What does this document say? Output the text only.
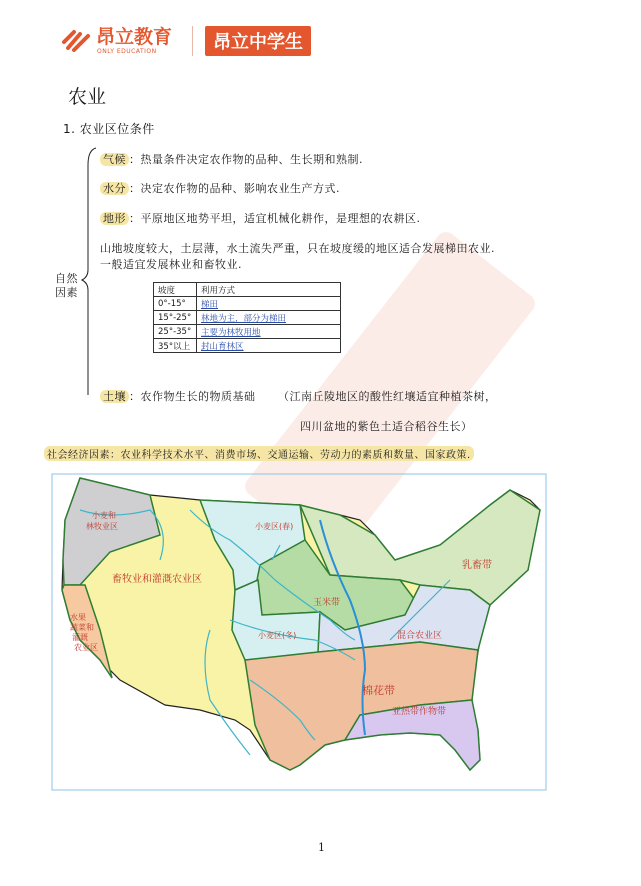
昂立教育
ONLY EDUCATION	昂立中学生
农业
1. 农业区位条件
自然因素
气候 ：热量条件决定农作物的品种、生长期和熟制.
水分 ：决定农作物的品种、影响农业生产方式.
地形 ：平原地区地势平坦，适宜机械化耕作，是理想的农耕区.
山地坡度较大，土层薄，水土流失严重，只在坡度缓的地区适合发展梯田农业.
一般适宜发展林业和畜牧业.
坡度	利用方式
0°-15°	梯田
15°-25°	林地为主，部分为梯田
25°-35°	主要为林牧用地
35°以上	封山育林区
土壤 ：农作物生长的物质基础 （江南丘陵地区的酸性红壤适宜种植茶树，
四川盆地的紫色土适合稻谷生长）
社会经济因素：农业科学技术水平、消费市场、交通运输、劳动力的素质和数量、国家政策.
小麦和
林牧业区
畜牧业和灌溉农业区
水果
蔬菜和
灌溉
农业区
小麦区(春)
玉米带
乳畜带
小麦区(冬)	混合农业区
棉花带
亚热带作物带
1
